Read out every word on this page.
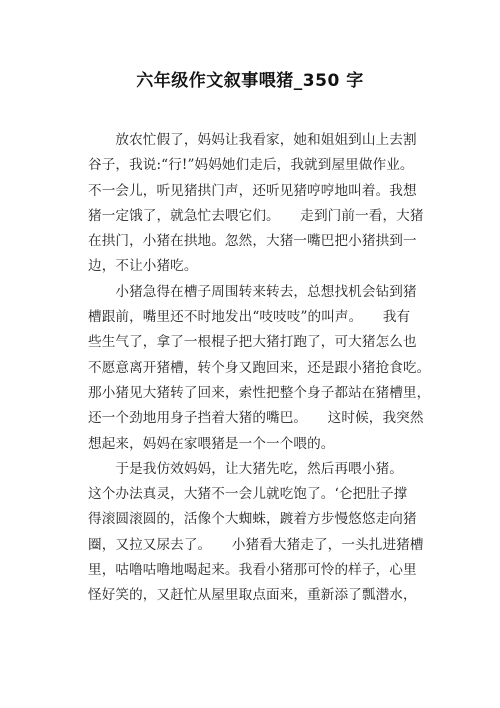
六年级作文叙事喂猪_350 字
　　放农忙假了，妈妈让我看家，她和姐姐到山上去割
谷子，我说:“行!”妈妈她们走后，我就到屋里做作业。
不一会儿，听见猪拱门声，还听见猪哼哼地叫着。我想
猪一定饿了，就急忙去喂它们。　　走到门前一看，大猪
在拱门，小猪在拱地。忽然，大猪一嘴巴把小猪拱到一
边，不让小猪吃。
　　小猪急得在槽子周围转来转去，总想找机会钻到猪
槽跟前，嘴里还不时地发出“吱吱吱”的叫声。　　我有
些生气了，拿了一根棍子把大猪打跑了，可大猪怎么也
不愿意离开猪槽，转个身又跑回来，还是跟小猪抢食吃。
那小猪见大猪转了回来，索性把整个身子都站在猪槽里，
还一个劲地用身子挡着大猪的嘴巴。　　这时候，我突然
想起来，妈妈在家喂猪是一个一个喂的。
　　于是我仿效妈妈，让大猪先吃，然后再喂小猪。
这个办法真灵，大猪不一会儿就吃饱了。‘仑把肚子撑
得滚圆滚圆的，活像个大蜘蛛，踱着方步慢悠悠走向猪
圈，又拉又尿去了。　　小猪看大猪走了，一头扎进猪槽
里，咕噜咕噜地喝起来。我看小猪那可怜的样子，心里
怪好笑的，又赶忙从屋里取点面来，重新添了瓢潜水，
